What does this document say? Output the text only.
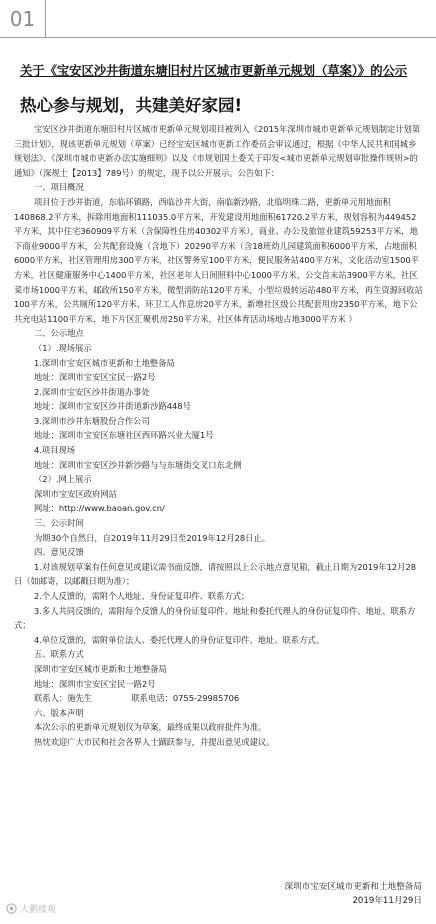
01
关于《宝安区沙井街道东塘旧村片区城市更新单元规划（草案）》的公示
热心参与规划，共建美好家园!

宝安区沙井街道东塘旧村片区城市更新单元规划项目被列入《2015年深圳市城市更新单元规划制定计划第三批计划》，现该更新单元规划（草案）已经宝安区城市更新工作委员会审议通过，根据《中华人民共和国城乡规划法》、《深圳市城市更新办法实施细则》以及《市规划国土委关于印发<城市更新单元规划审批操作规则>的通知》（深规土【2013】789号）的规定，现予以公开展示。公告如下：

一、项目概况

项目位于沙井街道，东临环镇路，西临沙井大街，南临新沙路，北临明珠二路，更新单元用地面积140868.2平方米，拆除用地面积111035.0平方米，开发建设用地面积61720.2平方米，规划容积为449452平方米，其中住宅360909平方米（含保障性住房40302平方米），商业、办公及旅馆业建筑59253平方米，地下商业9000平方米，公共配套设施（含地下）20290平方米（含18班幼儿园建筑面积6000平方米，占地面积6000平方米，社区管理用房300平方米，社区警务室100平方米，便民服务站400平方米，文化活动室1500平方米，社区健康服务中心1400平方米，社区老年人日间照料中心1000平方米，公交首末站3900平方米，社区菜市场1000平方米，邮政所150平方米，微型消防站120平方米，小型垃圾转运站480平方米，再生资源回收站100平方米，公共厕所120平方米，环卫工人作息房20平方米，新增社区级公共配套用房2350平方米，地下公共充电站1100平方米，地下片区汇聚机房250平方米，社区体育活动场地占地3000平方米 ）

二、公示地点

（1）.现场展示

1.深圳市宝安区城市更新和土地整备局

地址：深圳市宝安区宝民一路2号

2.深圳市宝安区沙井街道办事处

地址：深圳市宝安区沙井街道新沙路448号

3.深圳市沙井东塘股份合作公司

地址：深圳市宝安区东塘社区西环路兴业大厦1号

4.项目现场

地址：深圳市宝安区沙井新沙路与与东塘街交叉口东北侧

（2）.网上展示

深圳市宝安区政府网站

网址：http://www.baoan.gov.cn/

三、公示时间

为期30个自然日，自2019年11月29日至2019年12月28日止。

四、意见反馈

1.对该规划草案有任何意见或建议需书面反馈，请按照以上公示地点意见箱，截止日期为2019年12月28日（如邮寄，以邮戳日期为准）；

2.个人反馈的，需附个人地址、身份证复印件、联系方式；

3.多人共同反馈的，需附每个反馈人的身份证复印件、地址和委托代理人的身份证复印件、地址、联系方式；

4.单位反馈的，需附单位法人、委托代理人的身份证复印件、地址、联系方式。

五、联系方式

深圳市宝安区城市更新和土地整备局

地址：深圳市宝安区宝民一路2号

联系人：施先生	联系电话：0755-29985706

六、版本声明

本次公示的更新单元规划仅为草案，最终成果以政府批件为准。

热忱欢迎广大市民和社会各界人士踊跃参与，并提出意见或建议。

深圳市宝安区城市更新和土地整备局
2019年11月29日
大鹏楼观
